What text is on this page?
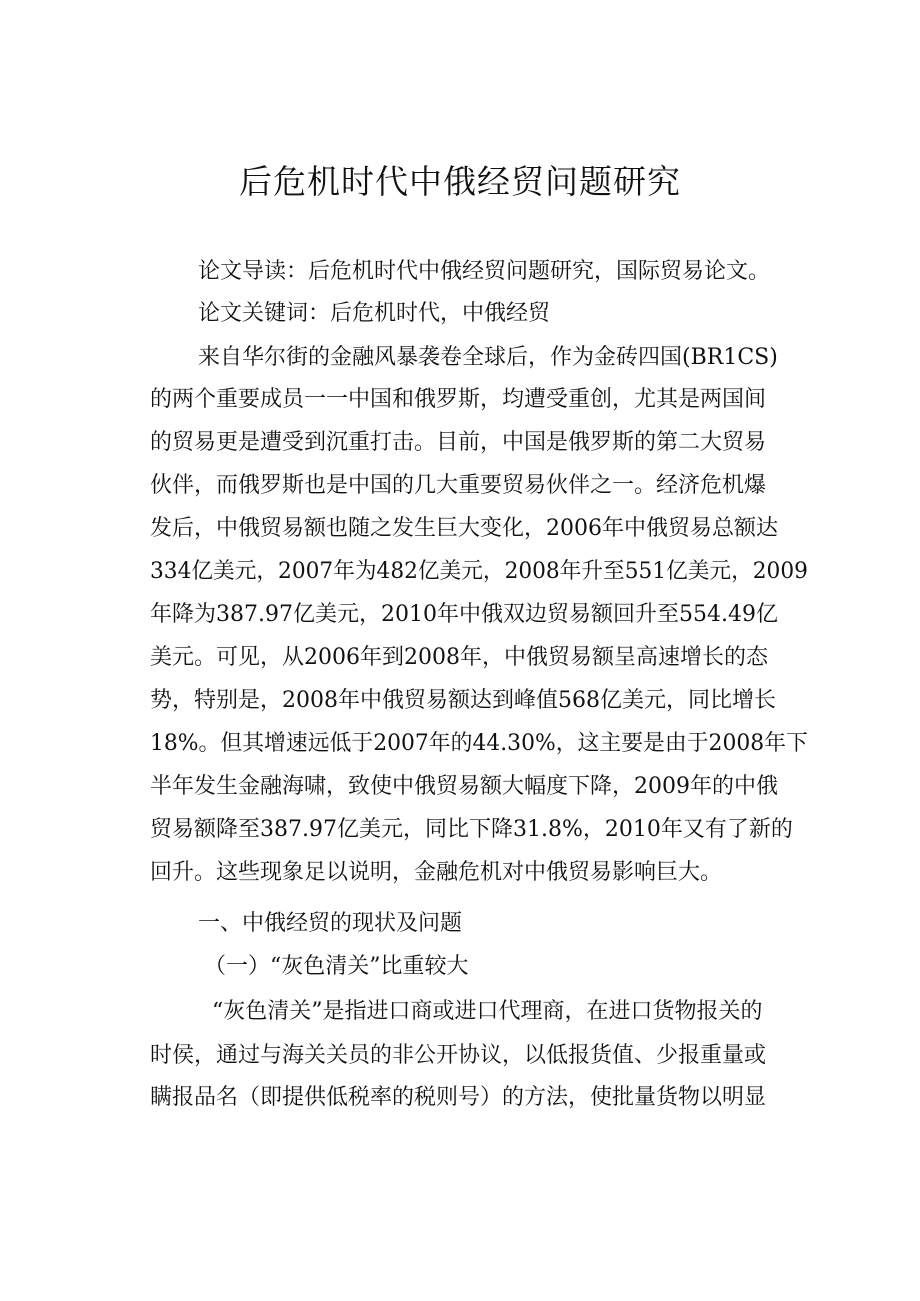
后危机时代中俄经贸问题研究
论文导读：后危机时代中俄经贸问题研究，国际贸易论文。
论文关键词：后危机时代，中俄经贸
来自华尔街的金融风暴袭卷全球后，作为金砖四国(BR1CS)
的两个重要成员一一中国和俄罗斯，均遭受重创，尤其是两国间
的贸易更是遭受到沉重打击。目前，中国是俄罗斯的第二大贸易
伙伴，而俄罗斯也是中国的几大重要贸易伙伴之一。经济危机爆
发后，中俄贸易额也随之发生巨大变化，2006年中俄贸易总额达
334亿美元，2007年为482亿美元，2008年升至551亿美元，2009
年降为387.97亿美元，2010年中俄双边贸易额回升至554.49亿
美元。可见，从2006年到2008年，中俄贸易额呈高速增长的态
势，特别是，2008年中俄贸易额达到峰值568亿美元，同比增长
18%。但其增速远低于2007年的44.30%，这主要是由于2008年下
半年发生金融海啸，致使中俄贸易额大幅度下降，2009年的中俄
贸易额降至387.97亿美元，同比下降31.8%，2010年又有了新的
回升。这些现象足以说明，金融危机对中俄贸易影响巨大。
一、中俄经贸的现状及问题
（一）“灰色清关”比重较大
“灰色清关”是指进口商或进口代理商，在进口货物报关的
时侯，通过与海关关员的非公开协议，以低报货值、少报重量或
瞒报品名（即提供低税率的税则号）的方法，使批量货物以明显
